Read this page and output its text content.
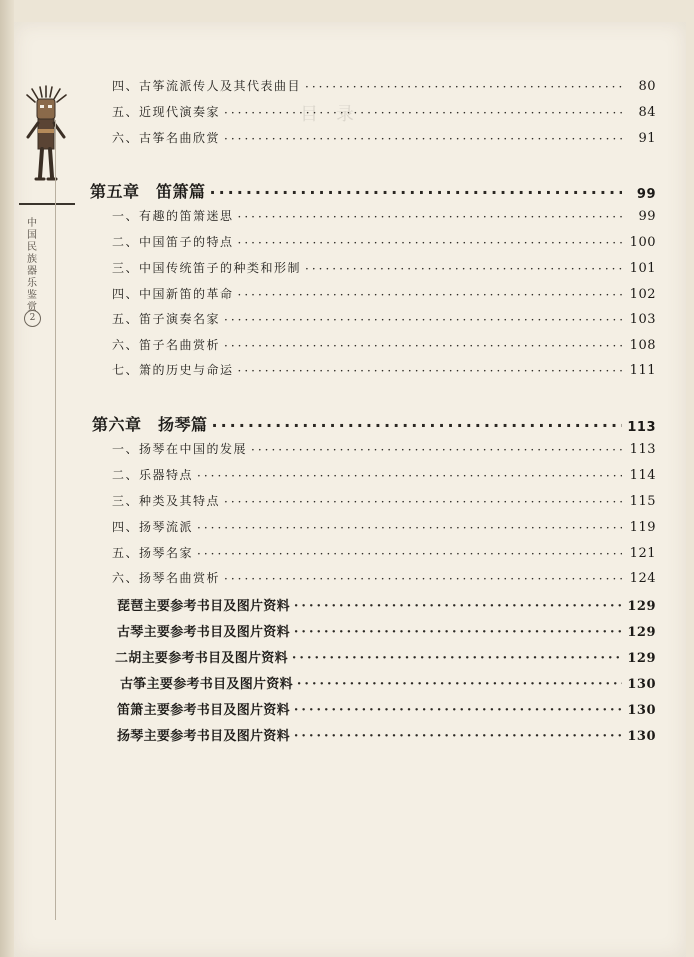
中国民族器乐鉴赏
2
目　录
四、古筝流派传人及其代表曲目 ·····	80
五、近现代演奏家 ·····	84
六、古筝名曲欣赏 ·····	91
第五章　笛箫篇 ·····	99
一、有趣的笛箫迷思 ·····	99
二、中国笛子的特点 ·····	100
三、中国传统笛子的种类和形制 ·····	101
四、中国新笛的革命 ·····	102
五、笛子演奏名家 ·····	103
六、笛子名曲赏析 ·····	108
七、箫的历史与命运 ·····	111
第六章　扬琴篇 ·····	113
一、扬琴在中国的发展 ·····	113
二、乐器特点 ·····	114
三、种类及其特点 ·····	115
四、扬琴流派 ·····	119
五、扬琴名家 ·····	121
六、扬琴名曲赏析 ·····	124
琵琶主要参考书目及图片资料 ·····	129
古琴主要参考书目及图片资料 ·····	129
二胡主要参考书目及图片资料 ·····	129
古筝主要参考书目及图片资料 ·····	130
笛箫主要参考书目及图片资料 ·····	130
扬琴主要参考书目及图片资料 ·····	130
